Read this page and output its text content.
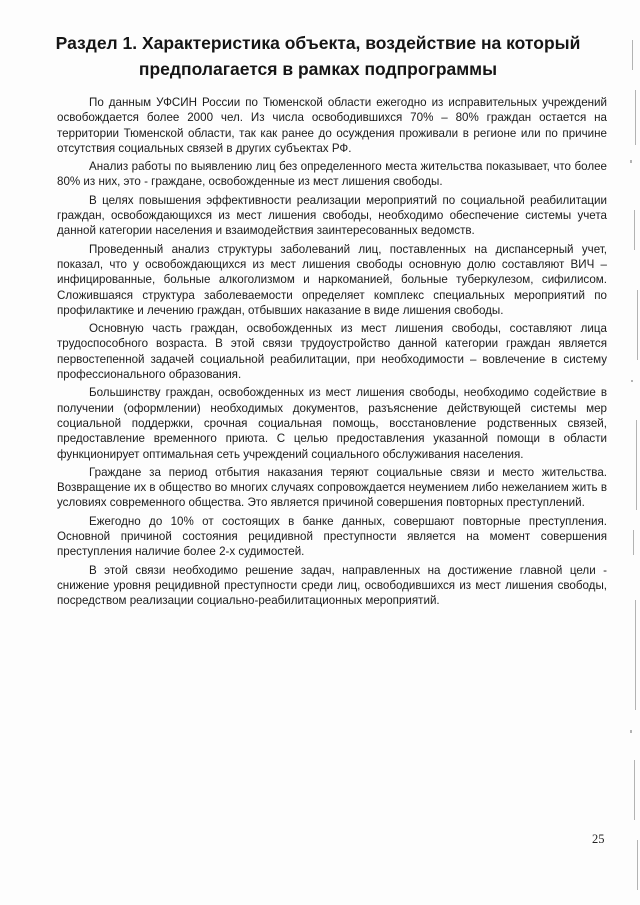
Раздел 1. Характеристика объекта, воздействие на который предполагается в рамках подпрограммы

По данным УФСИН России по Тюменской области ежегодно из исправительных учреждений освобождается более 2000 чел. Из числа освободившихся 70% – 80% граждан остается на территории Тюменской области, так как ранее до осуждения проживали в регионе или по причине отсутствия социальных связей в других субъектах РФ.

Анализ работы по выявлению лиц без определенного места жительства показывает, что более 80% из них, это - граждане, освобожденные из мест лишения свободы.

В целях повышения эффективности реализации мероприятий по социальной реабилитации граждан, освобождающихся из мест лишения свободы, необходимо обеспечение системы учета данной категории населения и взаимодействия заинтересованных ведомств.

Проведенный анализ структуры заболеваний лиц, поставленных на диспансерный учет, показал, что у освобождающихся из мест лишения свободы основную долю составляют ВИЧ – инфицированные, больные алкоголизмом и наркоманией, больные туберкулезом, сифилисом. Сложившаяся структура заболеваемости определяет комплекс специальных мероприятий по профилактике и лечению граждан, отбывших наказание в виде лишения свободы.

Основную часть граждан, освобожденных из мест лишения свободы, составляют лица трудоспособного возраста. В этой связи трудоустройство данной категории граждан является первостепенной задачей социальной реабилитации, при необходимости – вовлечение в систему профессионального образования.

Большинству граждан, освобожденных из мест лишения свободы, необходимо содействие в получении (оформлении) необходимых документов, разъяснение действующей системы мер социальной поддержки, срочная социальная помощь, восстановление родственных связей, предоставление временного приюта. С целью предоставления указанной помощи в области функционирует оптимальная сеть учреждений социального обслуживания населения.

Граждане за период отбытия наказания теряют социальные связи и место жительства. Возвращение их в общество во многих случаях сопровождается неумением либо нежеланием жить в условиях современного общества. Это является причиной совершения повторных преступлений.

Ежегодно до 10% от состоящих в банке данных, совершают повторные преступления. Основной причиной состояния рецидивной преступности является на момент совершения преступления наличие более 2-х судимостей.

В этой связи необходимо решение задач, направленных на достижение главной цели - снижение уровня рецидивной преступности среди лиц, освободившихся из мест лишения свободы, посредством реализации социально-реабилитационных мероприятий.

25
